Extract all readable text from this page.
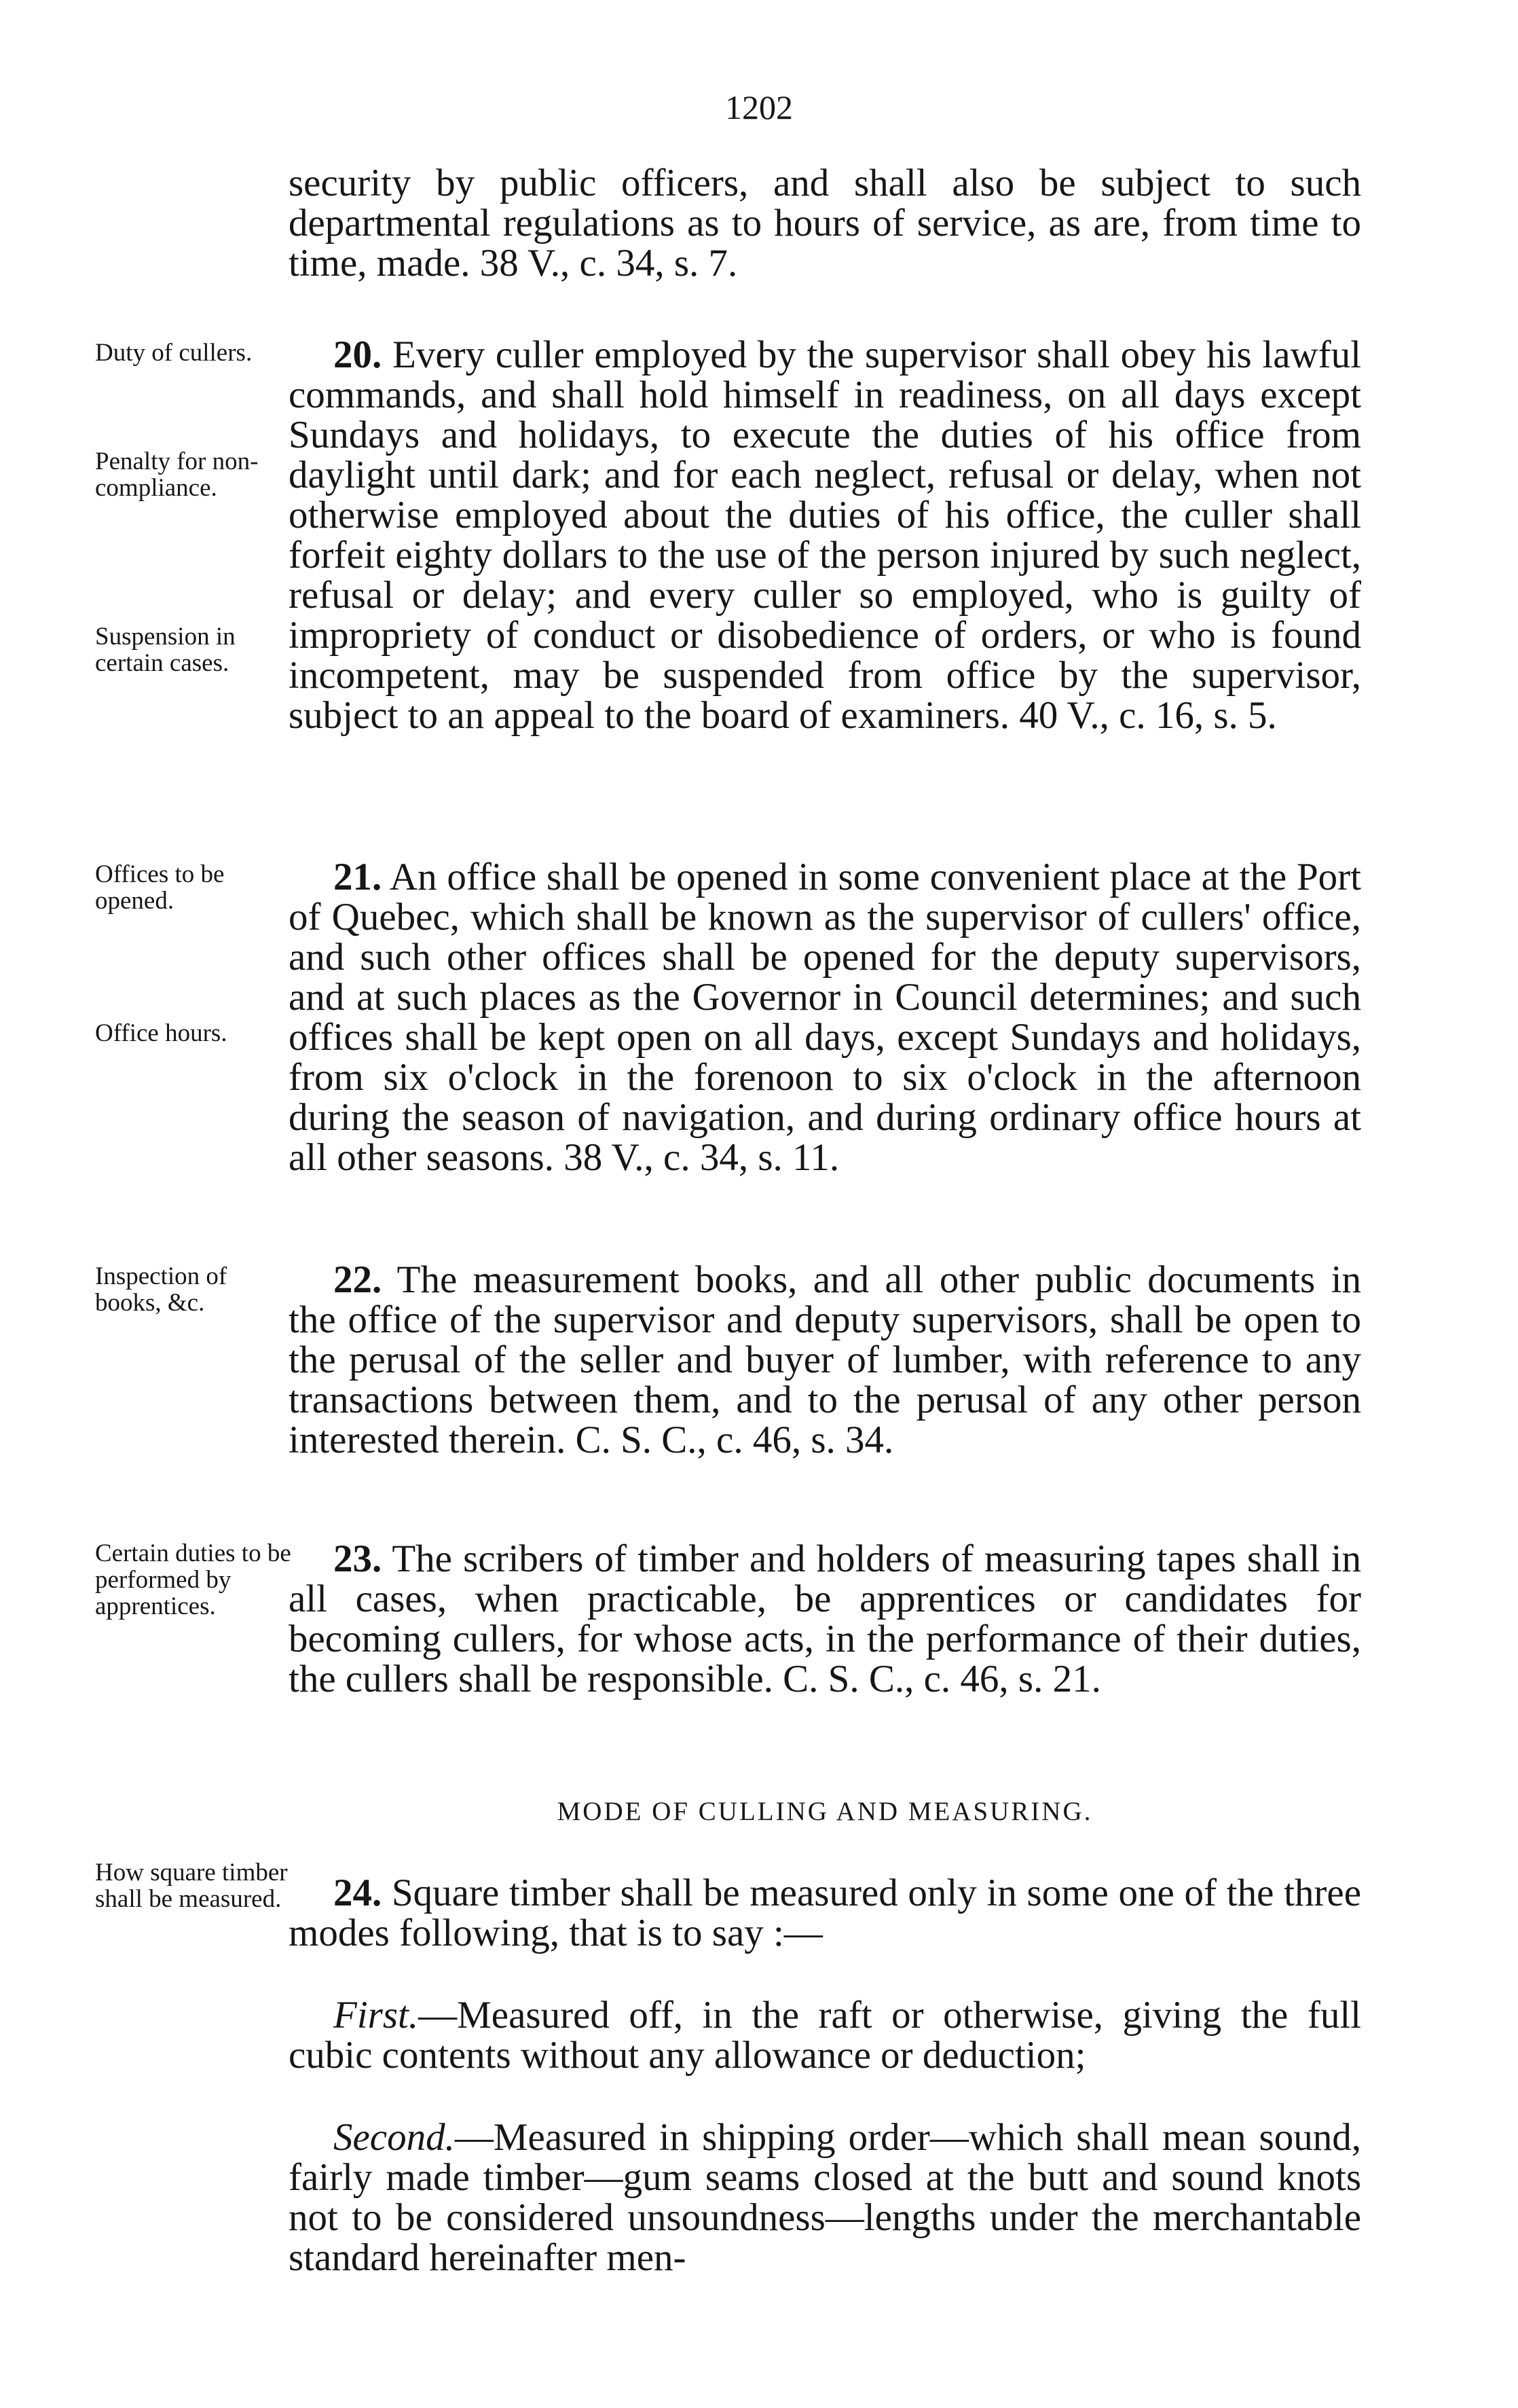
1202

security by public officers, and shall also be subject to such departmental regulations as to hours of service, as are, from time to time, made. 38 V., c. 34, s. 7.

Duty of cullers.

Penalty for non-compliance.

Suspension in certain cases.

20. Every culler employed by the supervisor shall obey his lawful commands, and shall hold himself in readiness, on all days except Sundays and holidays, to execute the duties of his office from daylight until dark; and for each neglect, refusal or delay, when not otherwise employed about the duties of his office, the culler shall forfeit eighty dollars to the use of the person injured by such neglect, refusal or delay; and every culler so employed, who is guilty of impropriety of conduct or disobedience of orders, or who is found incompetent, may be suspended from office by the supervisor, subject to an appeal to the board of examiners. 40 V., c. 16, s. 5.

Offices to be opened.

Office hours.

21. An office shall be opened in some convenient place at the Port of Quebec, which shall be known as the supervisor of cullers' office, and such other offices shall be opened for the deputy supervisors, and at such places as the Governor in Council determines; and such offices shall be kept open on all days, except Sundays and holidays, from six o'clock in the forenoon to six o'clock in the afternoon during the season of navigation, and during ordinary office hours at all other seasons. 38 V., c. 34, s. 11.

Inspection of books, &c.

22. The measurement books, and all other public documents in the office of the supervisor and deputy supervisors, shall be open to the perusal of the seller and buyer of lumber, with reference to any transactions between them, and to the perusal of any other person interested therein. C. S. C., c. 46, s. 34.

Certain duties to be performed by apprentices.

23. The scribers of timber and holders of measuring tapes shall in all cases, when practicable, be apprentices or candidates for becoming cullers, for whose acts, in the performance of their duties, the cullers shall be responsible. C. S. C., c. 46, s. 21.

MODE OF CULLING AND MEASURING.

How square timber shall be measured.	24. Square timber shall be measured only in some one of the three modes following, that is to say :—

First.—Measured off, in the raft or otherwise, giving the full cubic contents without any allowance or deduction;

Second.—Measured in shipping order—which shall mean sound, fairly made timber—gum seams closed at the butt and sound knots not to be considered unsoundness—lengths under the merchantable standard hereinafter men-
